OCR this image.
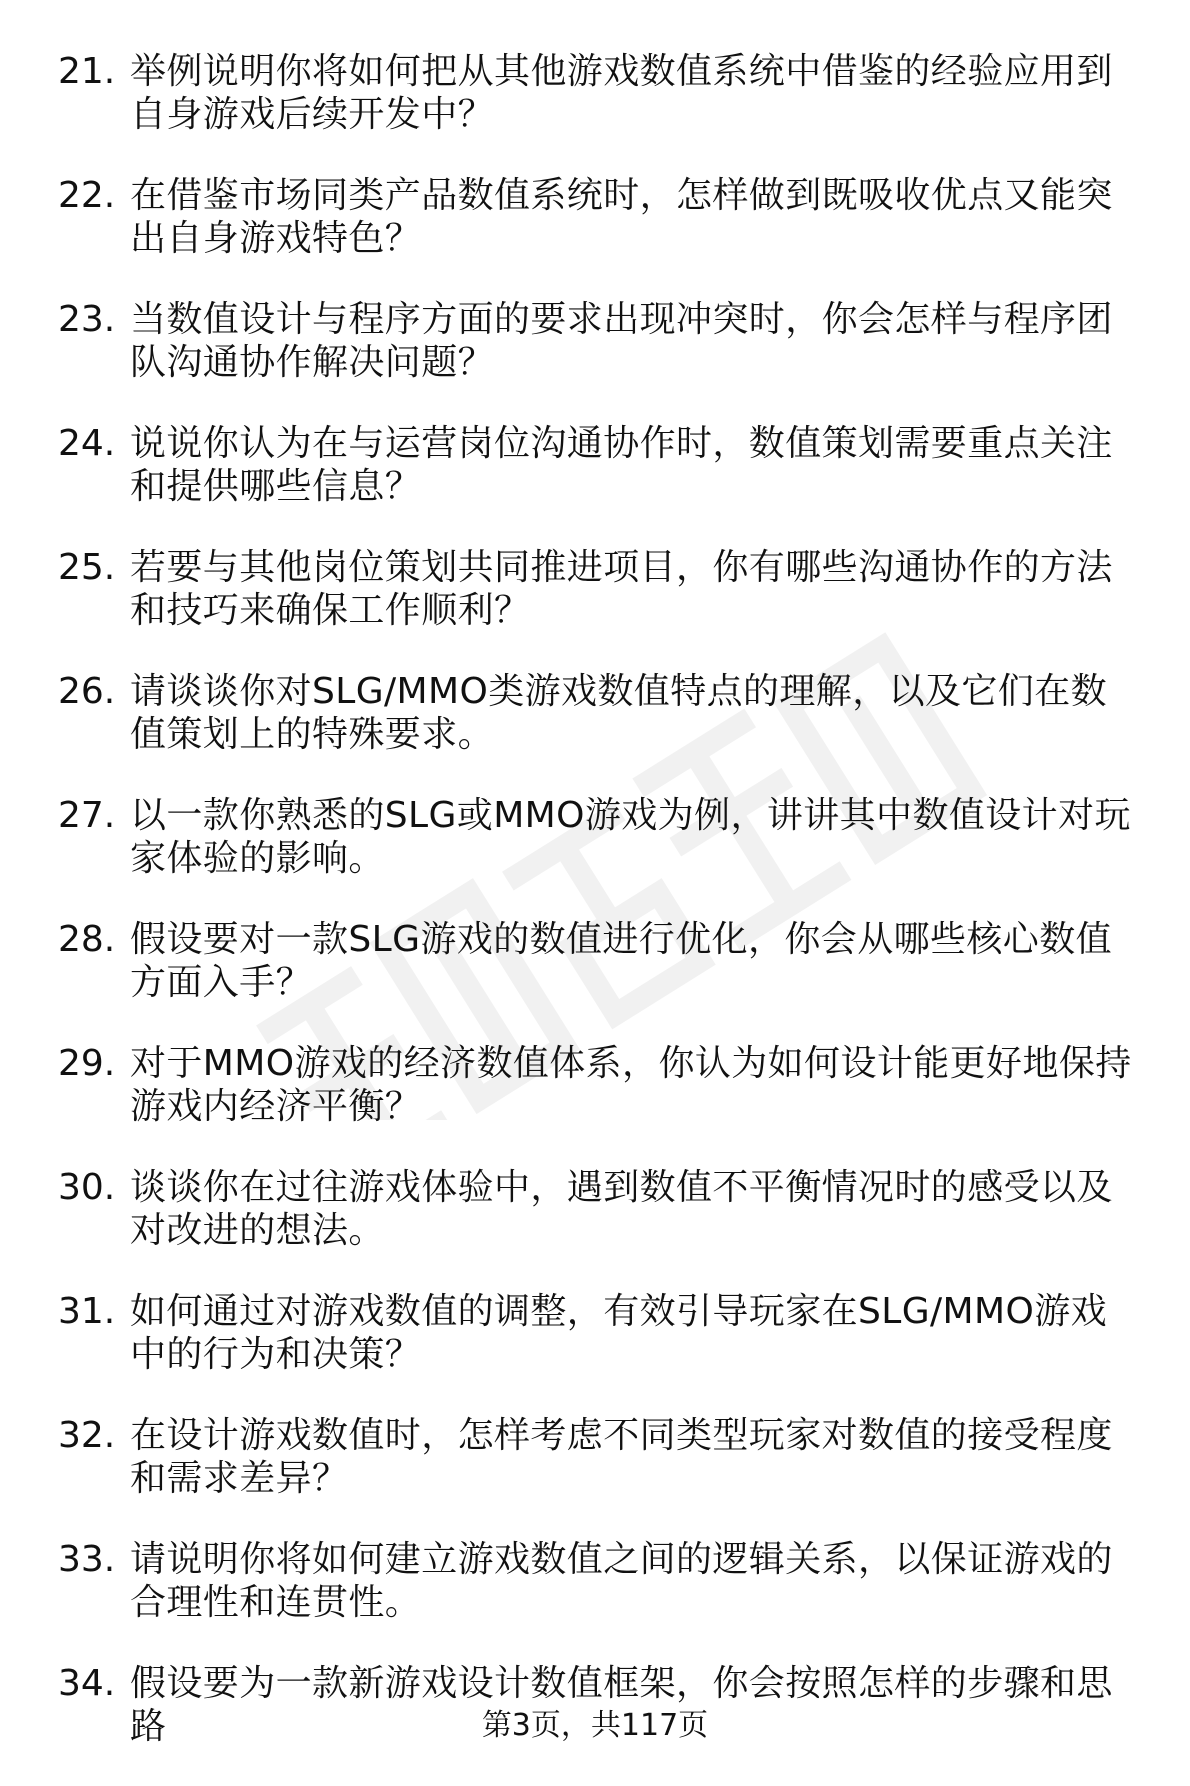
21. 举例说明你将如何把从其他游戏数值系统中借鉴的经验应用到自身游戏后续开发中？
22. 在借鉴市场同类产品数值系统时，怎样做到既吸收优点又能突出自身游戏特色？
23. 当数值设计与程序方面的要求出现冲突时，你会怎样与程序团队沟通协作解决问题？
24. 说说你认为在与运营岗位沟通协作时，数值策划需要重点关注和提供哪些信息？
25. 若要与其他岗位策划共同推进项目，你有哪些沟通协作的方法和技巧来确保工作顺利？
26. 请谈谈你对SLG/MMO类游戏数值特点的理解，以及它们在数值策划上的特殊要求。
27. 以一款你熟悉的SLG或MMO游戏为例，讲讲其中数值设计对玩家体验的影响。
28. 假设要对一款SLG游戏的数值进行优化，你会从哪些核心数值方面入手？
29. 对于MMO游戏的经济数值体系，你认为如何设计能更好地保持游戏内经济平衡？
30. 谈谈你在过往游戏体验中，遇到数值不平衡情况时的感受以及对改进的想法。
31. 如何通过对游戏数值的调整，有效引导玩家在SLG/MMO游戏中的行为和决策？
32. 在设计游戏数值时，怎样考虑不同类型玩家对数值的接受程度和需求差异？
33. 请说明你将如何建立游戏数值之间的逻辑关系，以保证游戏的合理性和连贯性。
34. 假设要为一款新游戏设计数值框架，你会按照怎样的步骤和思路	第3页，共117页
